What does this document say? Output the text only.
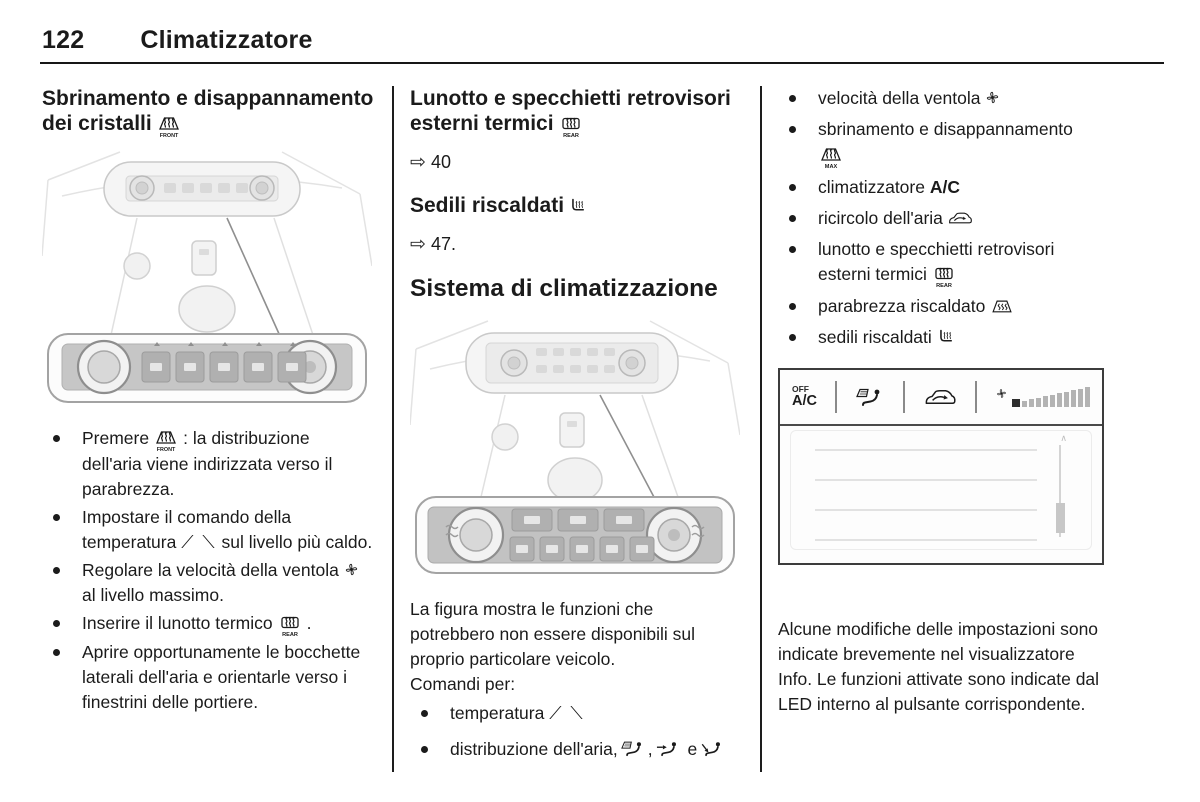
122 Climatizzatore
Sbrinamento e disappannamento dei cristalli
Premere : la distribuzione dell'aria viene indirizzata verso il parabrezza.
Impostare il comando della temperatura ⟋ ⟍ sul livello più caldo.
Regolare la velocità della ventolaal livello massimo.
Inserire il lunotto termico .
Aprire opportunamente le bocchette laterali dell'aria e orientarle verso i finestrini delle portiere.
Lunotto e specchietti retrovisori esterni termici

⇨ 40

Sedili riscaldati

⇨ 47.

Sistema di climatizzazione

La figura mostra le funzioni che potrebbero non essere disponibili sul proprio particolare veicolo.

Comandi per:

temperatura ⟋ ⟍
distribuzione dell'aria, , e
velocità della ventola
sbrinamento e disappannamento
climatizzatore A/C
ricircolo dell'aria
lunotto e specchietti retrovisori esterni termici
parabrezza riscaldato
sedili riscaldati
OFF
A/C
∧

Alcune modifiche delle impostazioni sono indicate brevemente nel visualizzatore Info. Le funzioni attivate sono indicate dal LED interno al pulsante corrispondente.
